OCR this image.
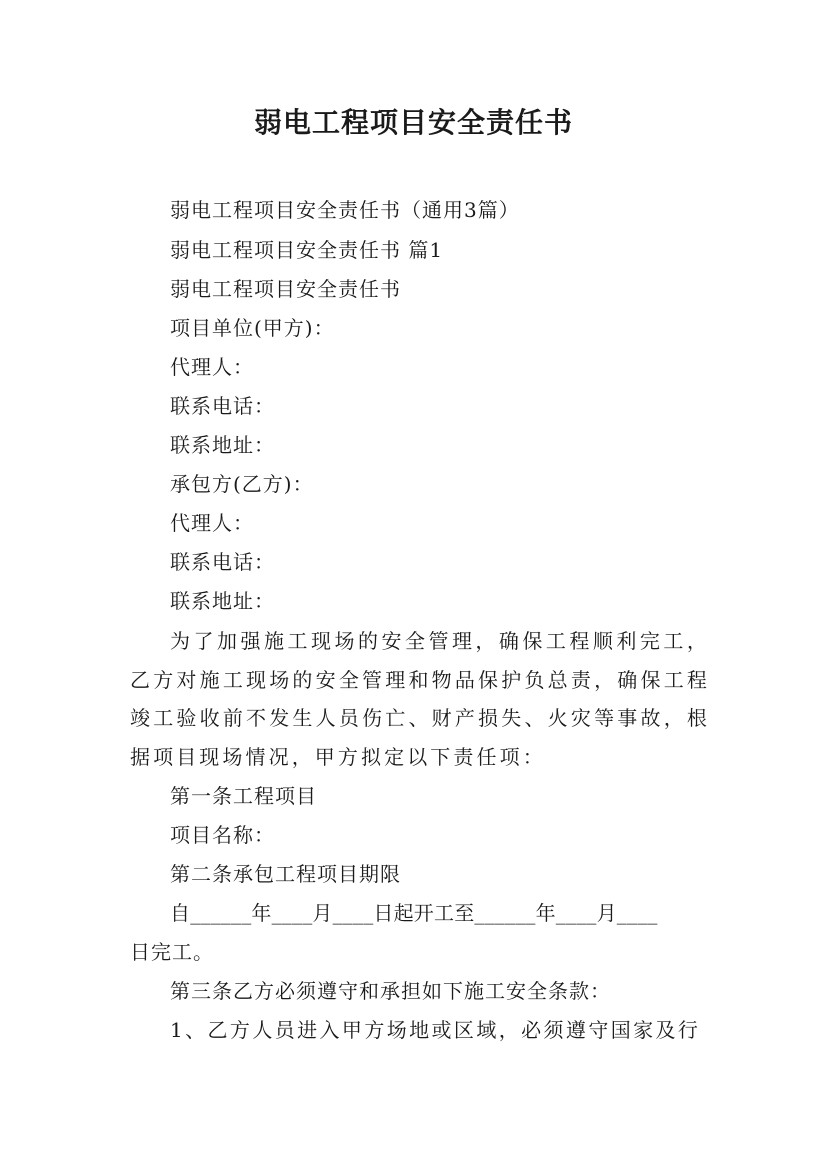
弱电工程项目安全责任书
弱电工程项目安全责任书（通用3篇）
弱电工程项目安全责任书 篇1
弱电工程项目安全责任书
项目单位(甲方)：
代理人：
联系电话：
联系地址：
承包方(乙方)：
代理人：
联系电话：
联系地址：
为了加强施工现场的安全管理，确保工程顺利完工，乙方对施工现场的安全管理和物品保护负总责，确保工程竣工验收前不发生人员伤亡、财产损失、火灾等事故，根据项目现场情况，甲方拟定以下责任项：
第一条工程项目
项目名称：
第二条承包工程项目期限
自______年____月____日起开工至______年____月____
日完工。
第三条乙方必须遵守和承担如下施工安全条款：
1、乙方人员进入甲方场地或区域，必须遵守国家及行
